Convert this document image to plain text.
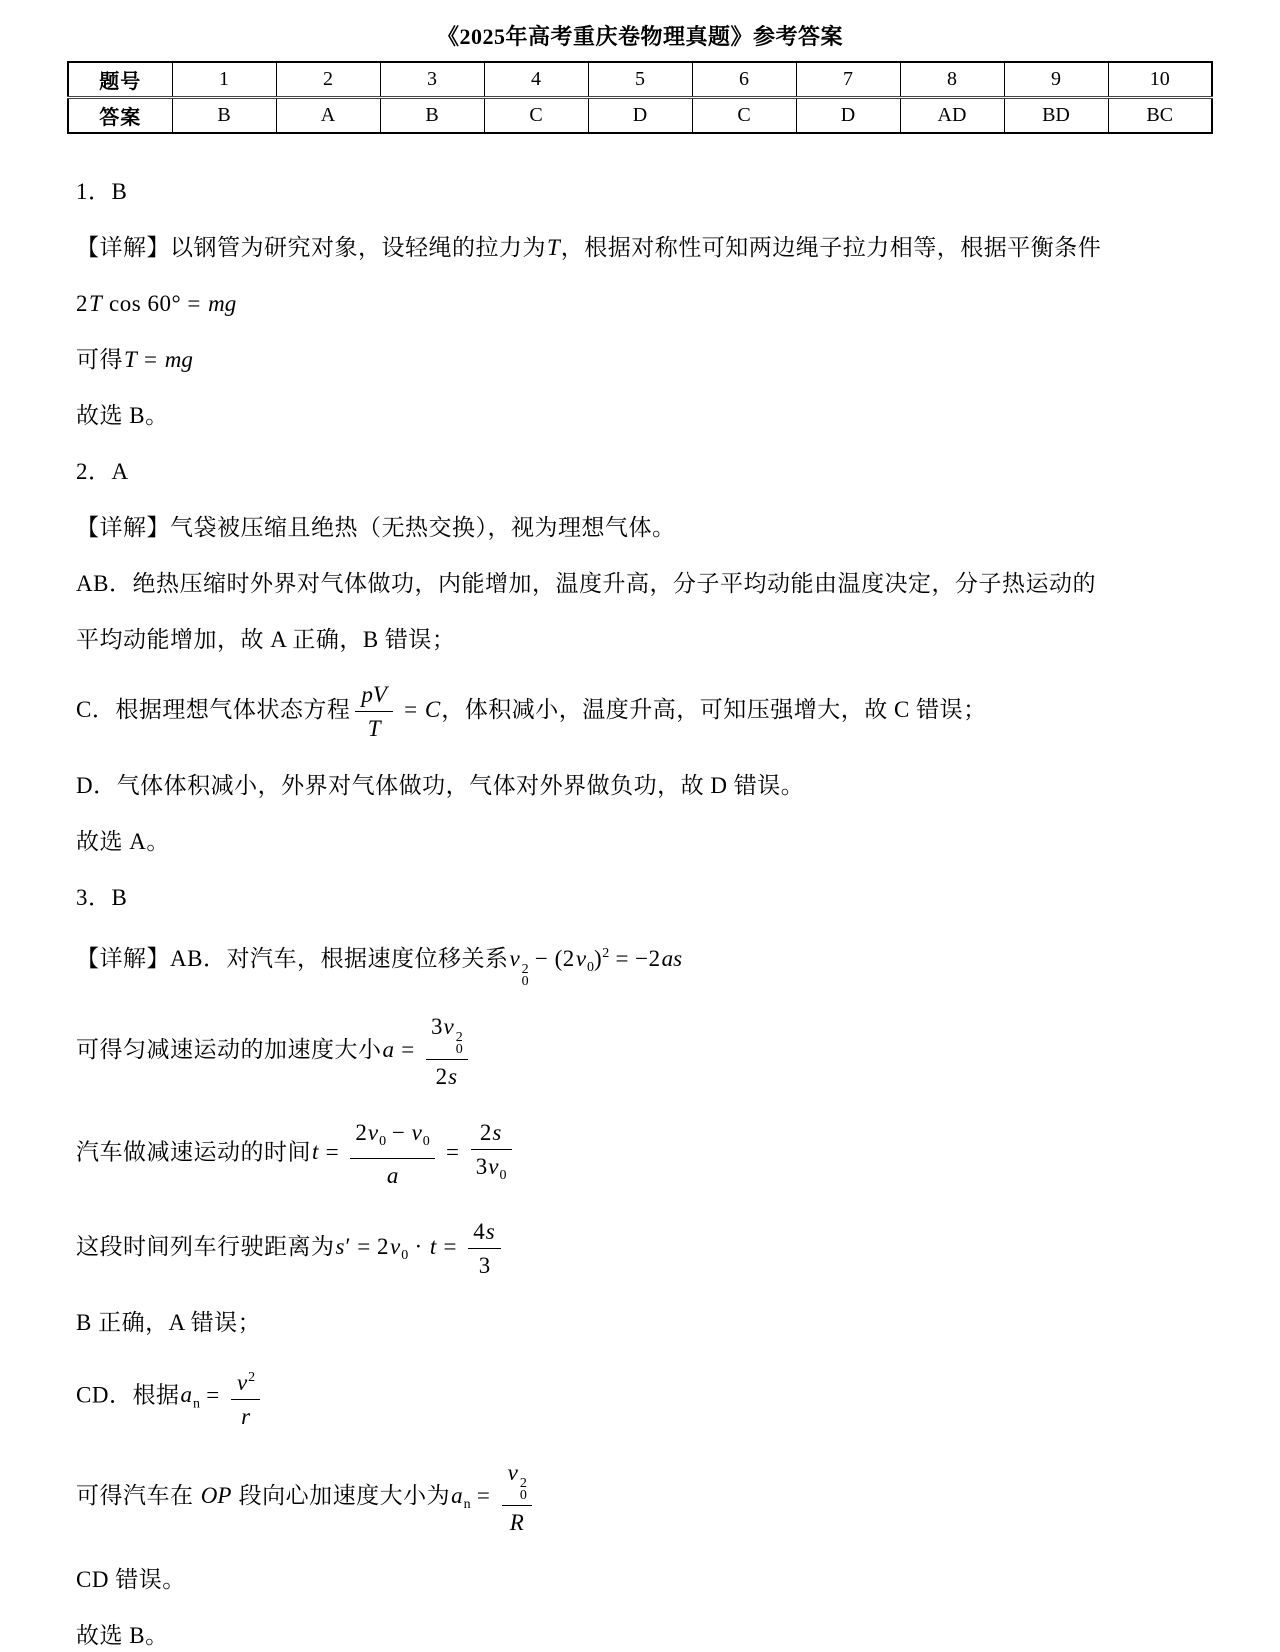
《2025年高考重庆卷物理真题》参考答案
题号	1	2	3	4	5	6	7	8	9	10
答案	B	A	B	C	D	C	D	AD	BD	BC

1．B

【详解】以钢管为研究对象，设轻绳的拉力为T，根据对称性可知两边绳子拉力相等，根据平衡条件

2T cos 60° = mg

可得T = mg

故选 B。

2．A

【详解】气袋被压缩且绝热（无热交换），视为理想气体。

AB．绝热压缩时外界对气体做功，内能增加，温度升高，分子平均动能由温度决定，分子热运动的

平均动能增加，故 A 正确，B 错误；

C．根据理想气体状态方程 $\frac{pV}{T} = C$，体积减小，温度升高，可知压强增大，故 C 错误；

D．气体体积减小，外界对气体做功，气体对外界做负功，故 D 错误。

故选 A。

3．B

【详解】AB．对汽车，根据速度位移关系v 2
0
− $(2v_0)^2 = -2as$

可得匀减速运动的加速度大小a = 3v 2
0
2s

汽车做减速运动的时间$t = \frac{2v_0 - v_0}{a} = \frac{2s}{3v_0}$

这段时间列车行驶距离为$s' = 2v_0 \cdot t = \frac{4s}{3}$

B 正确，A 错误；

CD．根据$a_n = \frac{v^2}{r}$

可得汽车在 OP 段向心加速度大小为$a_n = v$ 2
0
R

CD 错误。

故选 B。
